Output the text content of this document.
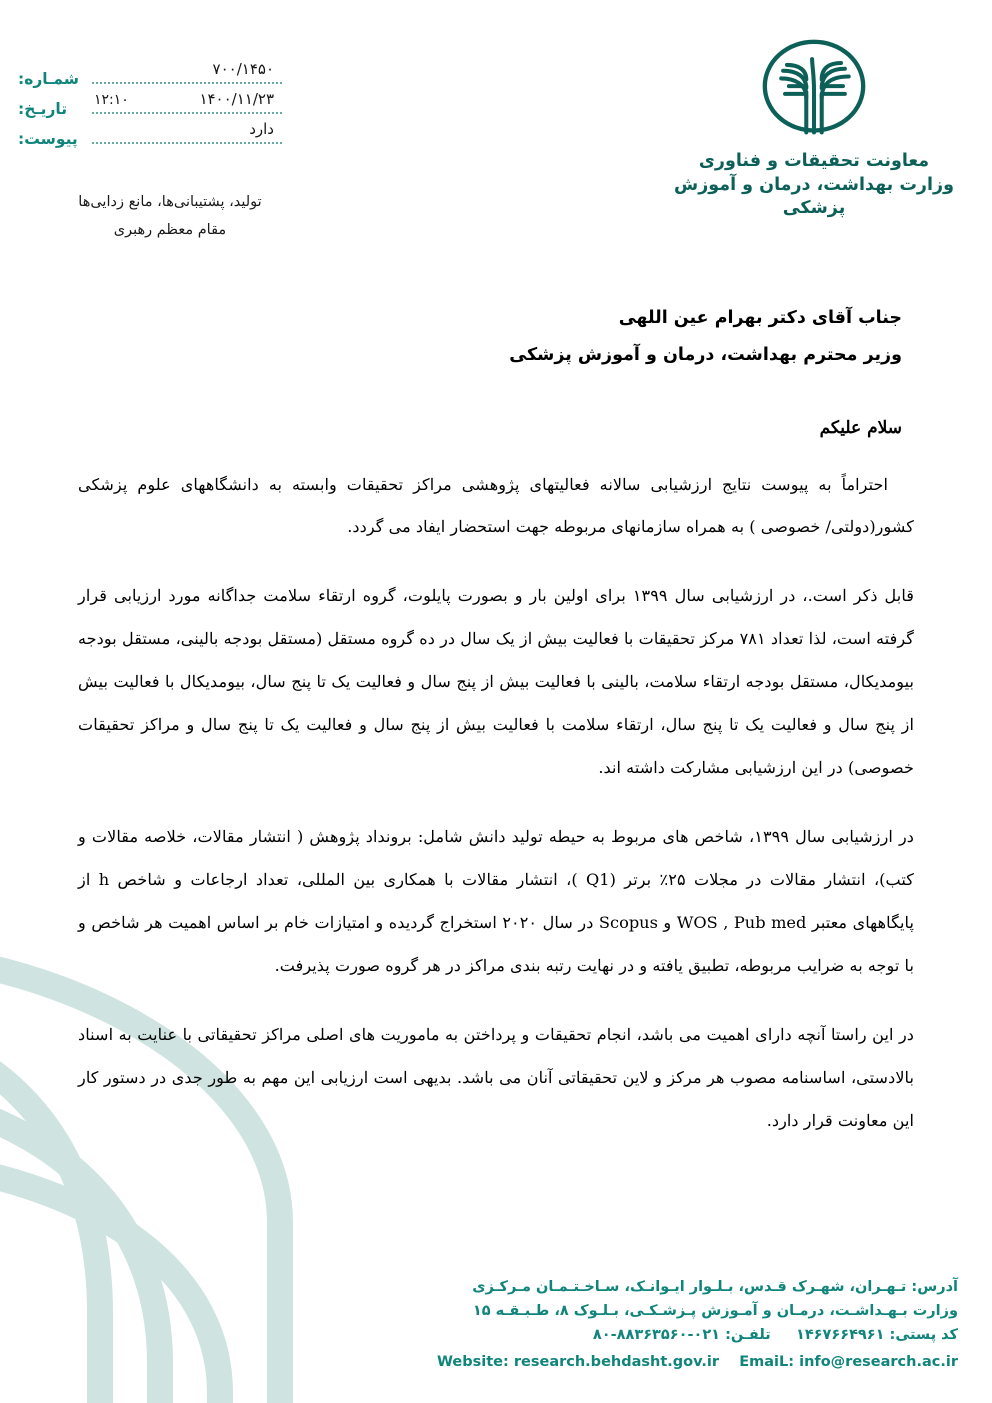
شمـاره:
۷۰۰/۱۴۵۰
تاریـخ:
۱۴۰۰/۱۱/۲۳
۱۲:۱۰
پیوست:
دارد
معاونت تحقیقات و فناوری
وزارت بهداشت، درمان و آموزش پزشکی
تولید، پشتیبانی‌ها، مانع زدایی‌ها
مقام معظم رهبری
جناب آقای دکتر بهرام عین اللهی
وزیر محترم بهداشت، درمان و آموزش پزشکی
سلام علیکم

احتراماً به پیوست نتایج ارزشیابی سالانه فعالیتهای پژوهشی مراکز تحقیقات وابسته به دانشگاههای علوم پزشکی کشور(دولتی/ خصوصی ) به همراه سازمانهای مربوطه جهت استحضار ایفاد می گردد.

قابل ذکر است.، در ارزشیابی سال ۱۳۹۹ برای اولین بار و بصورت پایلوت، گروه ارتقاء سلامت جداگانه مورد ارزیابی قرار گرفته است، لذا تعداد ۷۸۱ مرکز تحقیقات با فعالیت بیش از یک سال در ده گروه مستقل (مستقل بودجه بالینی، مستقل بودجه بیومدیکال، مستقل بودجه ارتقاء سلامت، بالینی با فعالیت بیش از پنج سال و فعالیت یک تا پنج سال، بیومدیکال با فعالیت بیش از پنج سال و فعالیت یک تا پنج سال، ارتقاء سلامت با فعالیت بیش از پنج سال و فعالیت یک تا پنج سال و مراکز تحقیقات خصوصی) در این ارزشیابی مشارکت داشته اند.

در ارزشیابی سال ۱۳۹۹، شاخص های مربوط به حیطه تولید دانش شامل: برونداد پژوهش ( انتشار مقالات، خلاصه مقالات و کتب)، انتشار مقالات در مجلات ۲۵٪ برتر (Q1 )، انتشار مقالات با همکاری بین المللی، تعداد ارجاعات و شاخص h از پایگاههای معتبر WOS , Pub med و Scopus در سال ۲۰۲۰ استخراج گردیده و امتیازات خام بر اساس اهمیت هر شاخص و با توجه به ضرایب مربوطه، تطبیق یافته و در نهایت رتبه بندی مراکز در هر گروه صورت پذیرفت.

در این راستا آنچه دارای اهمیت می باشد، انجام تحقیقات و پرداختن به ماموریت های اصلی مراکز تحقیقاتی با عنایت به اسناد بالادستی، اساسنامه مصوب هر مرکز و لاین تحقیقاتی آنان می باشد. بدیهی است ارزیابی این مهم به طور جدی در دستور کار این معاونت قرار دارد.

آدرس: تـهـران، شهـرک قـدس، بـلـوار ایـوانـک، سـاخـتـمـان مـرکـزی
وزارت بـهـداشـت، درمـان و آمـوزش پـزشـکـی، بـلـوک ۸، طـبـقـه ۱۵
کد پستی: ۱۴۶۷۶۶۴۹۶۱     تلفـن: ۰۲۱-۸۸۳۶۳۵۶۰-۸۰
Website: research.behdasht.gov.ir EmaiL: info@research.ac.ir
